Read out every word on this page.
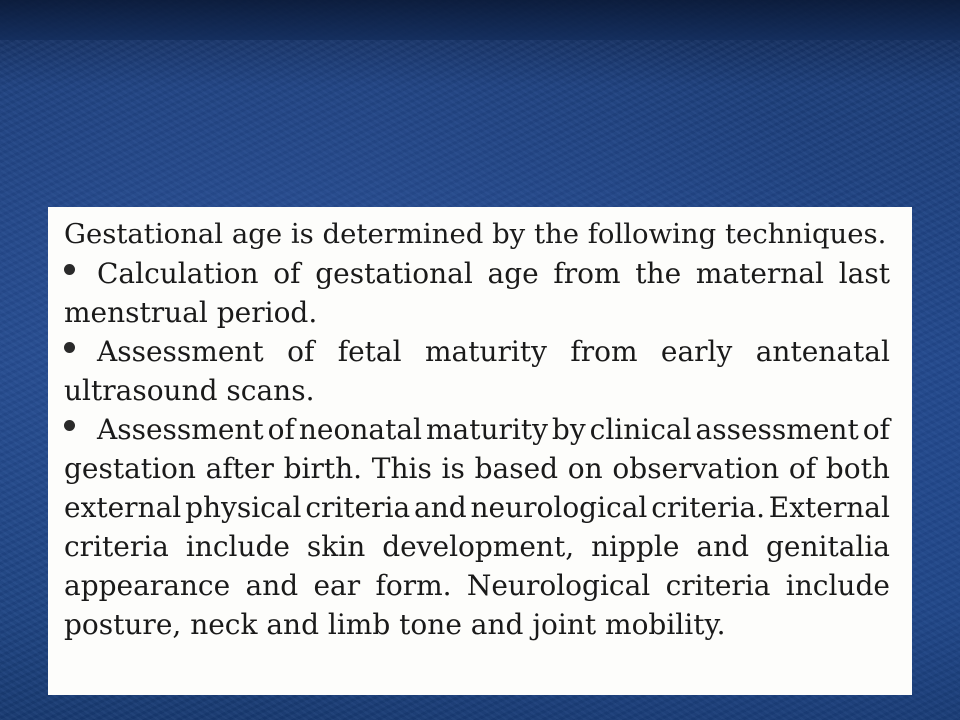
Gestational age is determined by the following techniques.
Calculation of gestational age from the maternal last
menstrual period.
Assessment of fetal maturity from early antenatal
ultrasound scans.
Assessment of neonatal maturity by clinical assessment of
gestation after birth. This is based on observation of both
external physical criteria and neurological criteria. External
criteria include skin development, nipple and genitalia
appearance and ear form. Neurological criteria include
posture, neck and limb tone and joint mobility.
